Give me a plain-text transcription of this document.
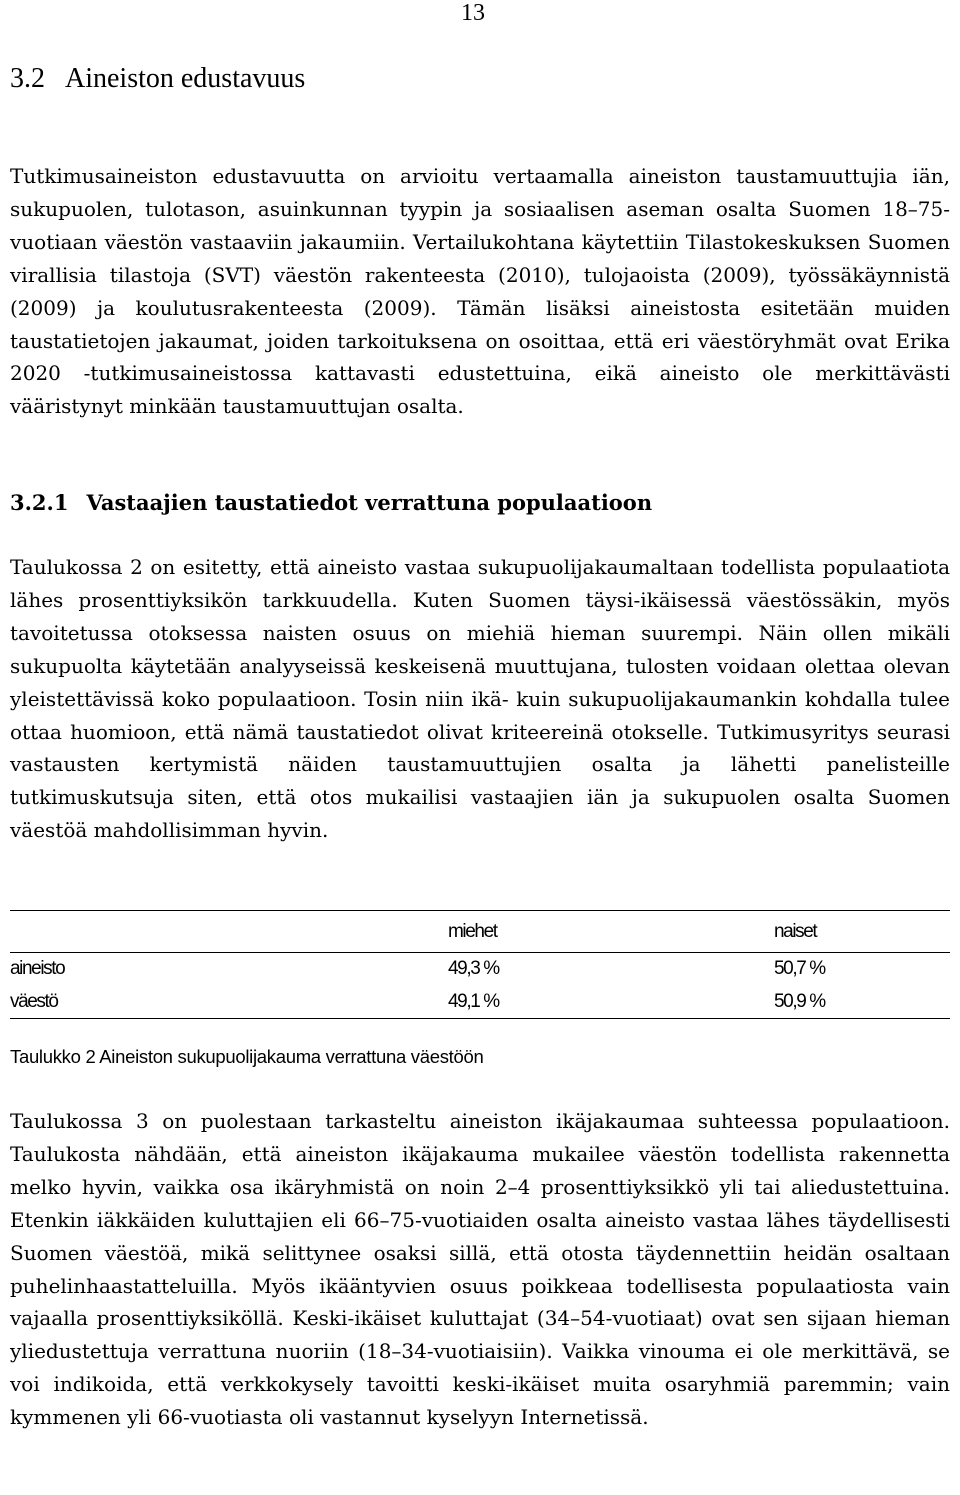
13
3.2 Aineiston edustavuus

Tutkimusaineiston edustavuutta on arvioitu vertaamalla aineiston taustamuuttujia iän, sukupuolen, tulotason, asuinkunnan tyypin ja sosiaalisen aseman osalta Suomen 18–75-vuotiaan väestön vastaaviin jakaumiin. Vertailukohtana käytettiin Tilastokeskuksen Suomen virallisia tilastoja (SVT) väestön rakenteesta (2010), tulojaoista (2009), työssäkäynnistä (2009) ja koulutusrakenteesta (2009). Tämän lisäksi aineistosta esitetään muiden taustatietojen jakaumat, joiden tarkoituksena on osoittaa, että eri väestöryhmät ovat Erika 2020 -tutkimusaineistossa kattavasti edustettuina, eikä aineisto ole merkittävästi vääristynyt minkään taustamuuttujan osalta.

3.2.1 Vastaajien taustatiedot verrattuna populaatioon

Taulukossa 2 on esitetty, että aineisto vastaa sukupuolijakaumaltaan todellista populaatiota lähes prosenttiyksikön tarkkuudella. Kuten Suomen täysi-ikäisessä väestössäkin, myös tavoitetussa otoksessa naisten osuus on miehiä hieman suurempi. Näin ollen mikäli sukupuolta käytetään analyyseissä keskeisenä muuttujana, tulosten voidaan olettaa olevan yleistettävissä koko populaatioon. Tosin niin ikä- kuin sukupuolijakaumankin kohdalla tulee ottaa huomioon, että nämä taustatiedot olivat kriteereinä otokselle. Tutkimusyritys seurasi vastausten kertymistä näiden taustamuuttujien osalta ja lähetti panelisteille tutkimuskutsuja siten, että otos mukailisi vastaajien iän ja sukupuolen osalta Suomen väestöä mahdollisimman hyvin.

	miehet	naiset
aineisto	49,3 %	50,7 %
väestö	49,1 %	50,9 %

Taulukko 2 Aineiston sukupuolijakauma verrattuna väestöön

Taulukossa 3 on puolestaan tarkasteltu aineiston ikäjakaumaa suhteessa populaatioon. Taulukosta nähdään, että aineiston ikäjakauma mukailee väestön todellista rakennetta melko hyvin, vaikka osa ikäryhmistä on noin 2–4 prosenttiyksikkö yli tai aliedustettuina. Etenkin iäkkäiden kuluttajien eli 66–75-vuotiaiden osalta aineisto vastaa lähes täydellisesti Suomen väestöä, mikä selittynee osaksi sillä, että otosta täydennettiin heidän osaltaan puhelinhaastatteluilla. Myös ikääntyvien osuus poikkeaa todellisesta populaatiosta vain vajaalla prosenttiyksiköllä. Keski-ikäiset kuluttajat (34–54-vuotiaat) ovat sen sijaan hieman yliedustettuja verrattuna nuoriin (18–34-vuotiaisiin). Vaikka vinouma ei ole merkittävä, se voi indikoida, että verkkokysely tavoitti keski-ikäiset muita osaryhmiä paremmin; vain kymmenen yli 66-vuotiasta oli vastannut kyselyyn Internetissä.
